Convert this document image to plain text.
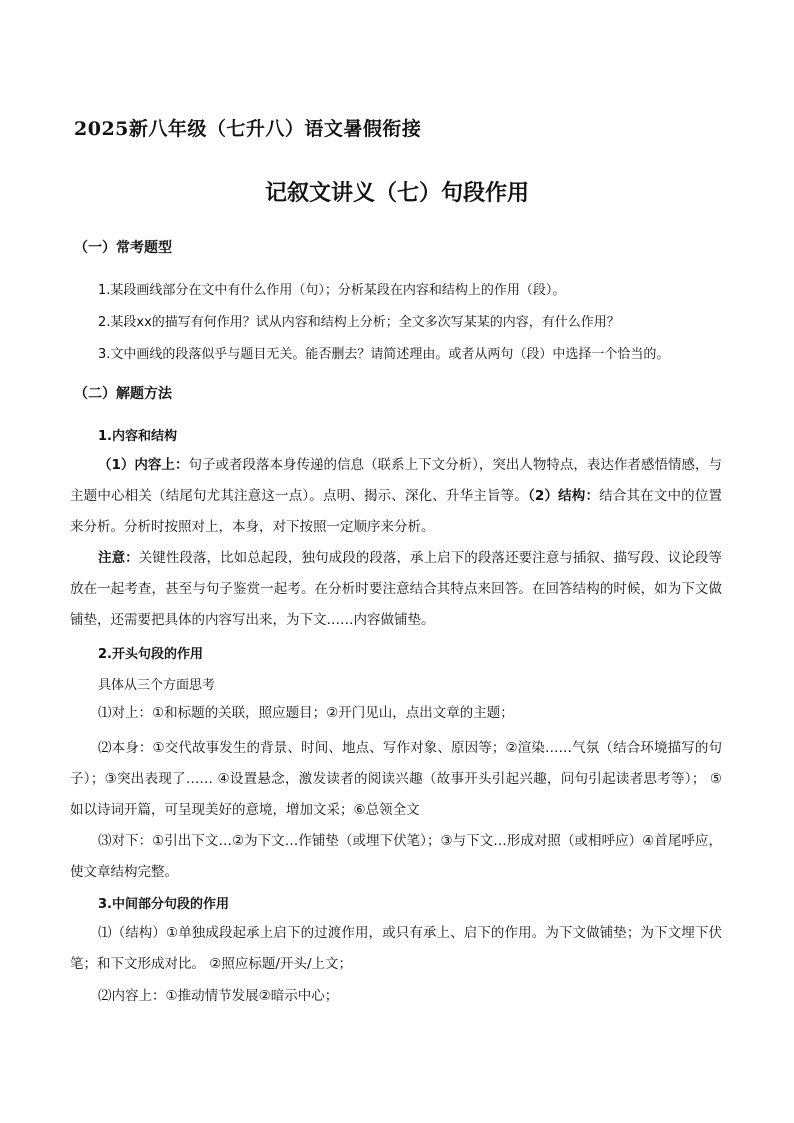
2025新八年级（七升八）语文暑假衔接
记叙文讲义（七）句段作用
（一）常考题型
1.某段画线部分在文中有什么作用（句）；分析某段在内容和结构上的作用（段）。
2.某段xx的描写有何作用？试从内容和结构上分析；全文多次写某某的内容，有什么作用？
3.文中画线的段落似乎与题目无关。能否删去？请简述理由。或者从两句（段）中选择一个恰当的。
（二）解题方法
1.内容和结构
（1）内容上：句子或者段落本身传递的信息（联系上下文分析），突出人物特点，表达作者感悟情感，与主题中心相关（结尾句尤其注意这一点）。点明、揭示、深化、升华主旨等。（2）结构：结合其在文中的位置来分析。分析时按照对上，本身，对下按照一定顺序来分析。
注意：关键性段落，比如总起段，独句成段的段落，承上启下的段落还要注意与插叙、描写段、议论段等放在一起考查，甚至与句子鉴赏一起考。在分析时要注意结合其特点来回答。在回答结构的时候，如为下文做铺垫，还需要把具体的内容写出来，为下文……内容做铺垫。
2.开头句段的作用
具体从三个方面思考
⑴对上：①和标题的关联，照应题目；②开门见山，点出文章的主题；
⑵本身：①交代故事发生的背景、时间、地点、写作对象、原因等；②渲染……气氛（结合环境描写的句子）；③突出表现了…… ④设置悬念，激发读者的阅读兴趣（故事开头引起兴趣，问句引起读者思考等）； ⑤如以诗词开篇，可呈现美好的意境，增加文采；⑥总领全文
⑶对下：①引出下文…②为下文…作铺垫（或埋下伏笔）；③与下文…形成对照（或相呼应）④首尾呼应，使文章结构完整。
3.中间部分句段的作用
⑴（结构）①单独成段起承上启下的过渡作用，或只有承上、启下的作用。为下文做铺垫；为下文埋下伏笔；和下文形成对比。 ②照应标题/开头/上文；
⑵内容上：①推动情节发展②暗示中心；
